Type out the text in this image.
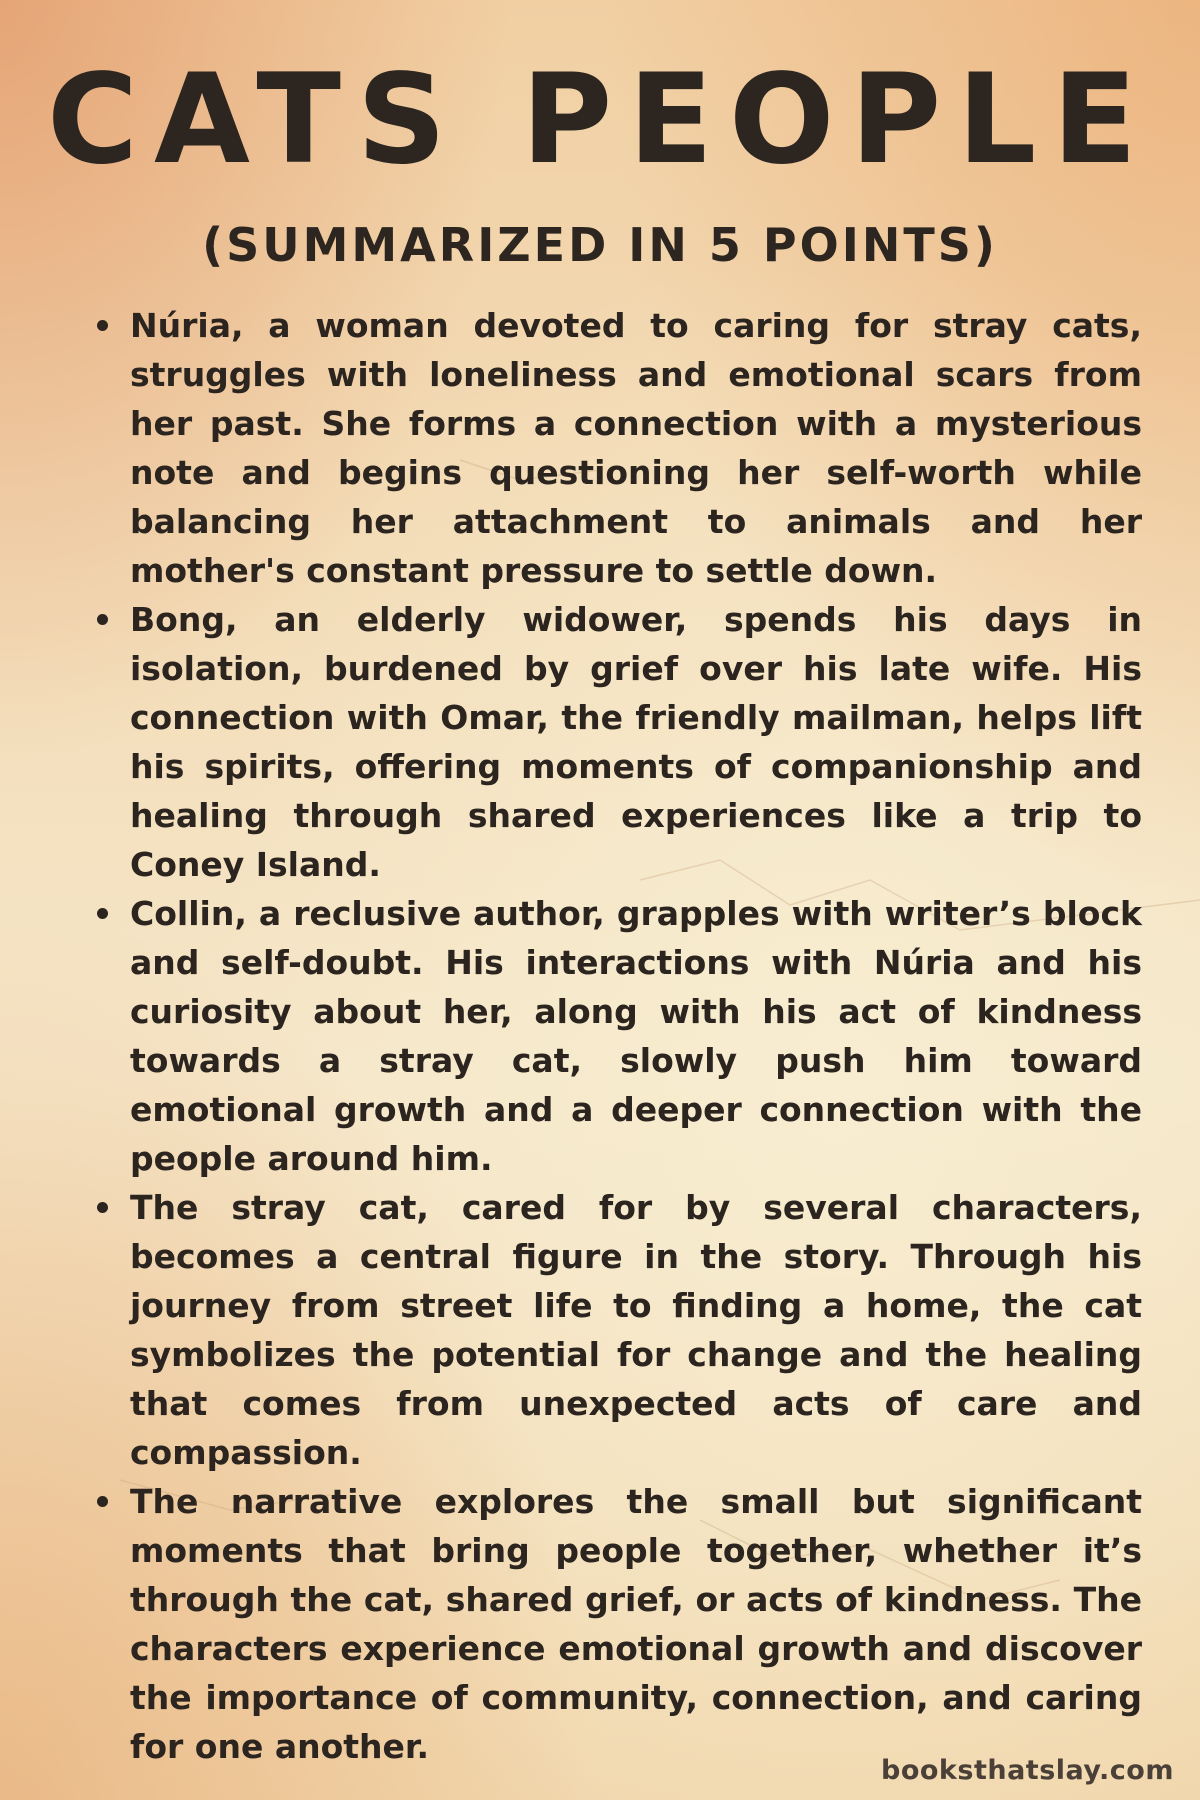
CATS PEOPLE
(SUMMARIZED IN 5 POINTS)
Núria, a woman devoted to caring for stray cats, struggles with loneliness and emotional scars from her past. She forms a connection with a mysterious note and begins questioning her self-worth while balancing her attachment to animals and her mother's constant pressure to settle down.
Bong, an elderly widower, spends his days in isolation, burdened by grief over his late wife. His connection with Omar, the friendly mailman, helps lift his spirits, offering moments of companionship and healing through shared experiences like a trip to Coney Island.
Collin, a reclusive author, grapples with writer’s block and self-doubt. His interactions with Núria and his curiosity about her, along with his act of kindness towards a stray cat, slowly push him toward emotional growth and a deeper connection with the people around him.
The stray cat, cared for by several characters, becomes a central figure in the story. Through his journey from street life to finding a home, the cat symbolizes the potential for change and the healing that comes from unexpected acts of care and compassion.
The narrative explores the small but significant moments that bring people together, whether it’s through the cat, shared grief, or acts of kindness. The characters experience emotional growth and discover the importance of community, connection, and caring for one another.
booksthatslay.com
